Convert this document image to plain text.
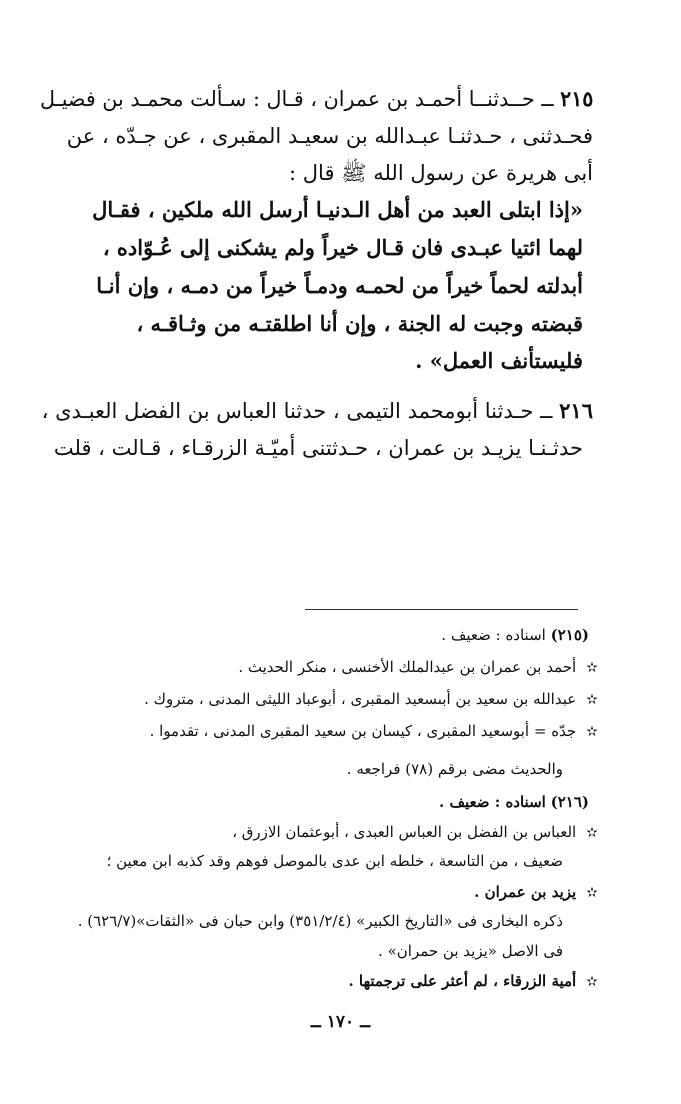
٢١٥ ــ حــدثنــا أحمـد بن عمران ، قـال : سـألت محمـد بن فضيـل
فحـدثنى ، حـدثنـا عبـدالله بن سعيـد المقبرى ، عن جـدّه ، عن
أبى هريرة عن رسول الله ﷺ قال :
«إذا ابتلى العبد من أهل الـدنيـا أرسل الله ملكين ، فقـال
لهما ائتيا عبـدى فان قـال خيراً ولم يشكنى إلى عُـوّاده ،
أبدلته لحماً خيراً من لحمـه ودمـاً خيراً من دمـه ، وإن أنـا
قبضته وجبت له الجنة ، وإن أنا اطلقتـه من وثـاقـه ،
فليستأنف العمل» .
٢١٦ ــ حـدثنا أبومحمد التيمى ، حدثنا العباس بن الفضل العبـدى ،
حدثـنـا يزيـد بن عمران ، حـدثتنى أميّـة الزرقـاء ، قـالت ، قلت
(٢١٥) اسناده : ضعيف .
✫ أحمد بن عمران بن عبدالملك الأخنسى ، منكر الحديث .
✫ عبدالله بن سعيد بن أبىسعيد المقبرى ، أبوعباد الليثى المدنى ، متروك .
✫ جدّه = أبوسعيد المقبرى ، كيسان بن سعيد المقبرى المدنى ، تقدموا .
والحديث مضى برقم (٧٨) فراجعه .
(٢١٦) اسناده : ضعيف .
✫ العباس بن الفضل بن العباس العبدى ، أبوعثمان الازرق ،
ضعيف ، من التاسعة ، خلطه ابن عدى بالموصل فوهم وقد كذبه ابن معين ؛
✫ يزيد بن عمران .
ذكره البخارى فى «التاريخ الكبير» (٣٥١/٢/٤) وابن حبان فى «الثقات»(٦٢٦/٧) .
فى الاصل «يزيد بن حمران» .
✫ أمية الزرقاء ، لم أعثر على ترجمتها .
ــ ١٧٠ ــ
